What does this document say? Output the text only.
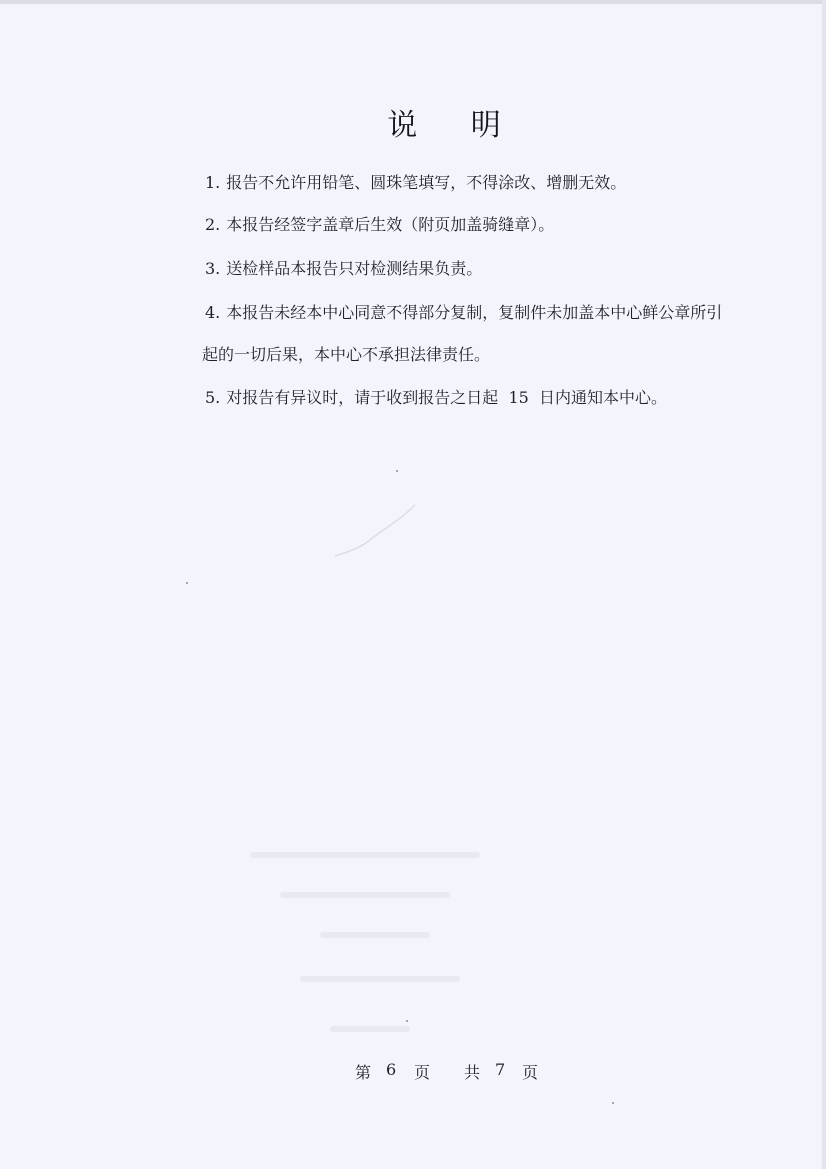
说 明
1. 报告不允许用铅笔、圆珠笔填写，不得涂改、增删无效。
2. 本报告经签字盖章后生效（附页加盖骑缝章）。
3. 送检样品本报告只对检测结果负责。
4. 本报告未经本中心同意不得部分复制，复制件未加盖本中心鲜公章所引
起的一切后果，本中心不承担法律责任。
5. 对报告有异议时，请于收到报告之日起  15  日内通知本中心。
第 6 页 共 7 页
